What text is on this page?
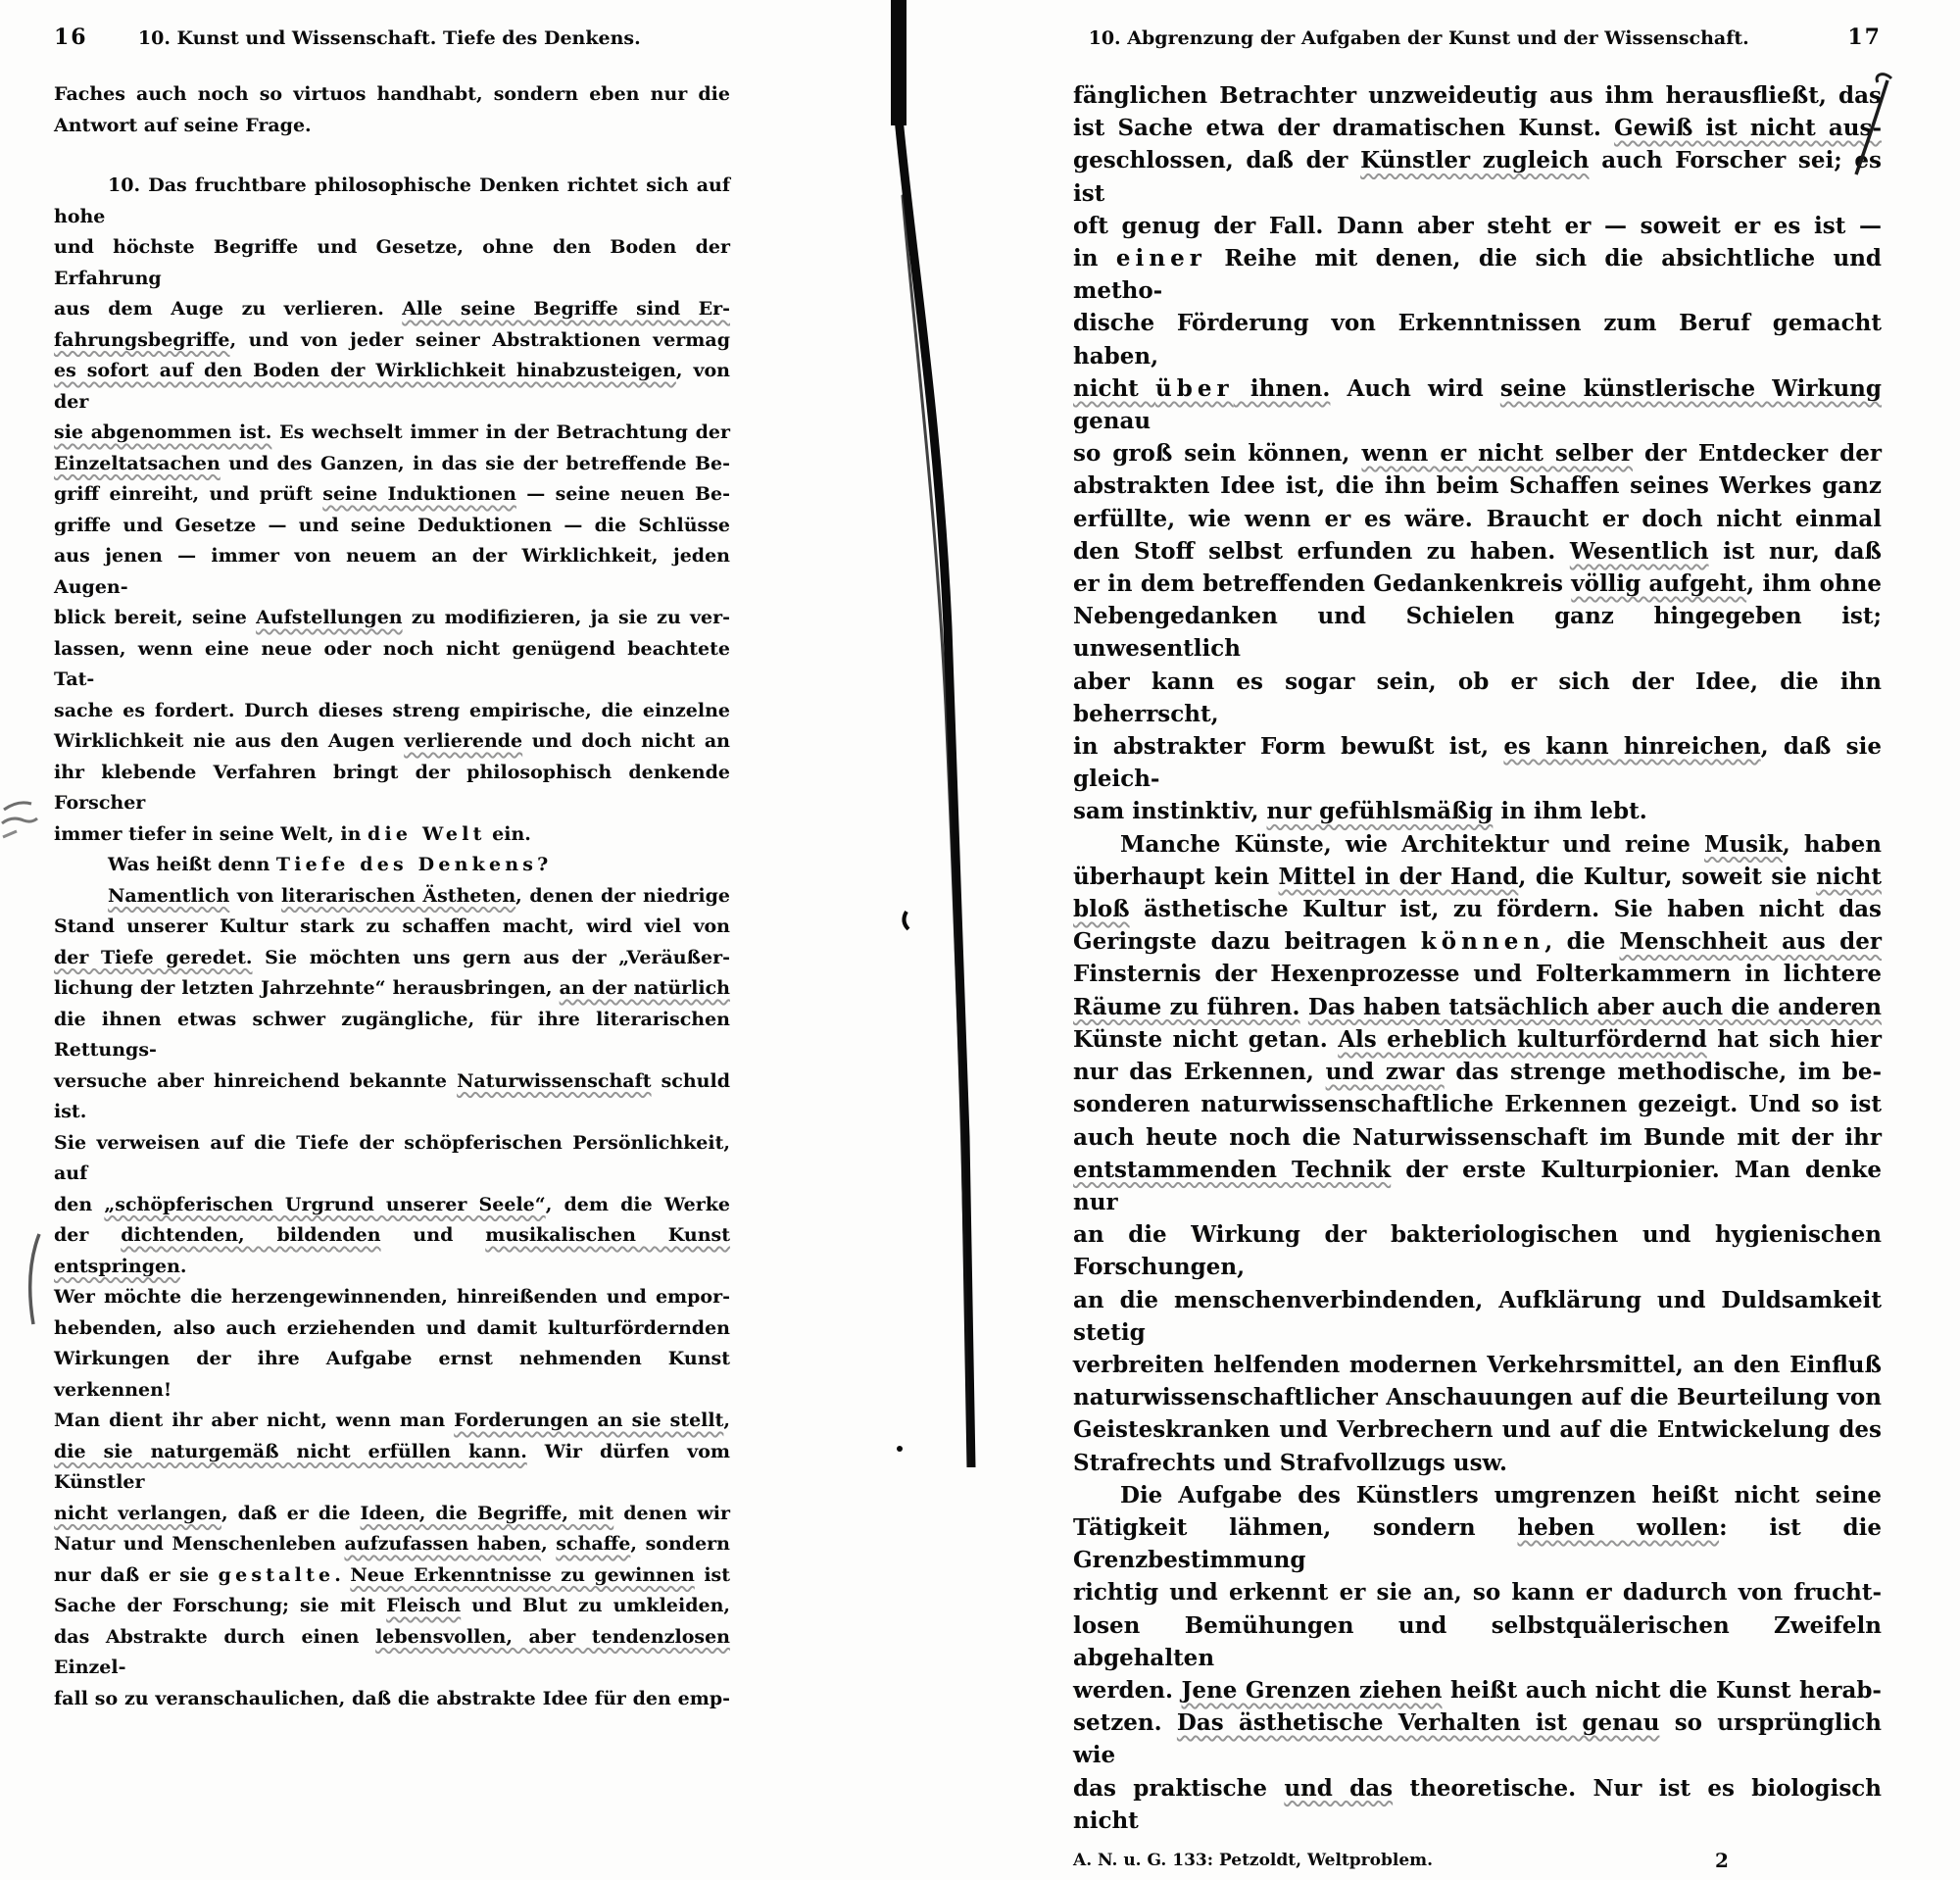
16	10. Kunst und Wissenschaft. Tiefe des Denkens.
Faches auch noch so virtuos handhabt, sondern eben nur die
Antwort auf seine Frage.
10. Das fruchtbare philosophische Denken richtet sich auf hohe
und höchste Begriffe und Gesetze, ohne den Boden der Erfahrung
aus dem Auge zu verlieren. Alle seine Begriffe sind Er-
fahrungsbegriffe, und von jeder seiner Abstraktionen vermag
es sofort auf den Boden der Wirklichkeit hinabzusteigen, von der
sie abgenommen ist. Es wechselt immer in der Betrachtung der
Einzeltatsachen und des Ganzen, in das sie der betreffende Be-
griff einreiht, und prüft seine Induktionen — seine neuen Be-
griffe und Gesetze — und seine Deduktionen — die Schlüsse
aus jenen — immer von neuem an der Wirklichkeit, jeden Augen-
blick bereit, seine Aufstellungen zu modifizieren, ja sie zu ver-
lassen, wenn eine neue oder noch nicht genügend beachtete Tat-
sache es fordert. Durch dieses streng empirische, die einzelne
Wirklichkeit nie aus den Augen verlierende und doch nicht an
ihr klebende Verfahren bringt der philosophisch denkende Forscher
immer tiefer in seine Welt, in die Welt ein.
Was heißt denn Tiefe des Denkens?
Namentlich von literarischen Ästheten, denen der niedrige
Stand unserer Kultur stark zu schaffen macht, wird viel von
der Tiefe geredet. Sie möchten uns gern aus der „Veräußer-
lichung der letzten Jahrzehnte“ herausbringen, an der natürlich
die ihnen etwas schwer zugängliche, für ihre literarischen Rettungs-
versuche aber hinreichend bekannte Naturwissenschaft schuld ist.
Sie verweisen auf die Tiefe der schöpferischen Persönlichkeit, auf
den „schöpferischen Urgrund unserer Seele“, dem die Werke
der dichtenden, bildenden und musikalischen Kunst entspringen.
Wer möchte die herzengewinnenden, hinreißenden und empor-
hebenden, also auch erziehenden und damit kulturfördernden
Wirkungen der ihre Aufgabe ernst nehmenden Kunst verkennen!
Man dient ihr aber nicht, wenn man Forderungen an sie stellt,
die sie naturgemäß nicht erfüllen kann. Wir dürfen vom Künstler
nicht verlangen, daß er die Ideen, die Begriffe, mit denen wir
Natur und Menschenleben aufzufassen haben, schaffe, sondern
nur daß er sie gestalte. Neue Erkenntnisse zu gewinnen ist
Sache der Forschung; sie mit Fleisch und Blut zu umkleiden,
das Abstrakte durch einen lebensvollen, aber tendenzlosen Einzel-
fall so zu veranschaulichen, daß die abstrakte Idee für den emp-
10. Abgrenzung der Aufgaben der Kunst und der Wissenschaft.	17
fänglichen Betrachter unzweideutig aus ihm herausfließt, das
ist Sache etwa der dramatischen Kunst. Gewiß ist nicht aus-
geschlossen, daß der Künstler zugleich auch Forscher sei; es ist
oft genug der Fall. Dann aber steht er — soweit er es ist —
in einer Reihe mit denen, die sich die absichtliche und metho-
dische Förderung von Erkenntnissen zum Beruf gemacht haben,
nicht über ihnen. Auch wird seine künstlerische Wirkung genau
so groß sein können, wenn er nicht selber der Entdecker der
abstrakten Idee ist, die ihn beim Schaffen seines Werkes ganz
erfüllte, wie wenn er es wäre. Braucht er doch nicht einmal
den Stoff selbst erfunden zu haben. Wesentlich ist nur, daß
er in dem betreffenden Gedankenkreis völlig aufgeht, ihm ohne
Nebengedanken und Schielen ganz hingegeben ist; unwesentlich
aber kann es sogar sein, ob er sich der Idee, die ihn beherrscht,
in abstrakter Form bewußt ist, es kann hinreichen, daß sie gleich-
sam instinktiv, nur gefühlsmäßig in ihm lebt.
Manche Künste, wie Architektur und reine Musik, haben
überhaupt kein Mittel in der Hand, die Kultur, soweit sie nicht
bloß ästhetische Kultur ist, zu fördern. Sie haben nicht das
Geringste dazu beitragen können, die Menschheit aus der
Finsternis der Hexenprozesse und Folterkammern in lichtere
Räume zu führen. Das haben tatsächlich aber auch die anderen
Künste nicht getan. Als erheblich kulturfördernd hat sich hier
nur das Erkennen, und zwar das strenge methodische, im be-
sonderen naturwissenschaftliche Erkennen gezeigt. Und so ist
auch heute noch die Naturwissenschaft im Bunde mit der ihr
entstammenden Technik der erste Kulturpionier. Man denke nur
an die Wirkung der bakteriologischen und hygienischen Forschungen,
an die menschenverbindenden, Aufklärung und Duldsamkeit stetig
verbreiten helfenden modernen Verkehrsmittel, an den Einfluß
naturwissenschaftlicher Anschauungen auf die Beurteilung von
Geisteskranken und Verbrechern und auf die Entwickelung des
Strafrechts und Strafvollzugs usw.
Die Aufgabe des Künstlers umgrenzen heißt nicht seine
Tätigkeit lähmen, sondern heben wollen: ist die Grenzbestimmung
richtig und erkennt er sie an, so kann er dadurch von frucht-
losen Bemühungen und selbstquälerischen Zweifeln abgehalten
werden. Jene Grenzen ziehen heißt auch nicht die Kunst herab-
setzen. Das ästhetische Verhalten ist genau so ursprünglich wie
das praktische und das theoretische. Nur ist es biologisch nicht
A. N. u. G. 133: Petzoldt, Weltproblem.	2
